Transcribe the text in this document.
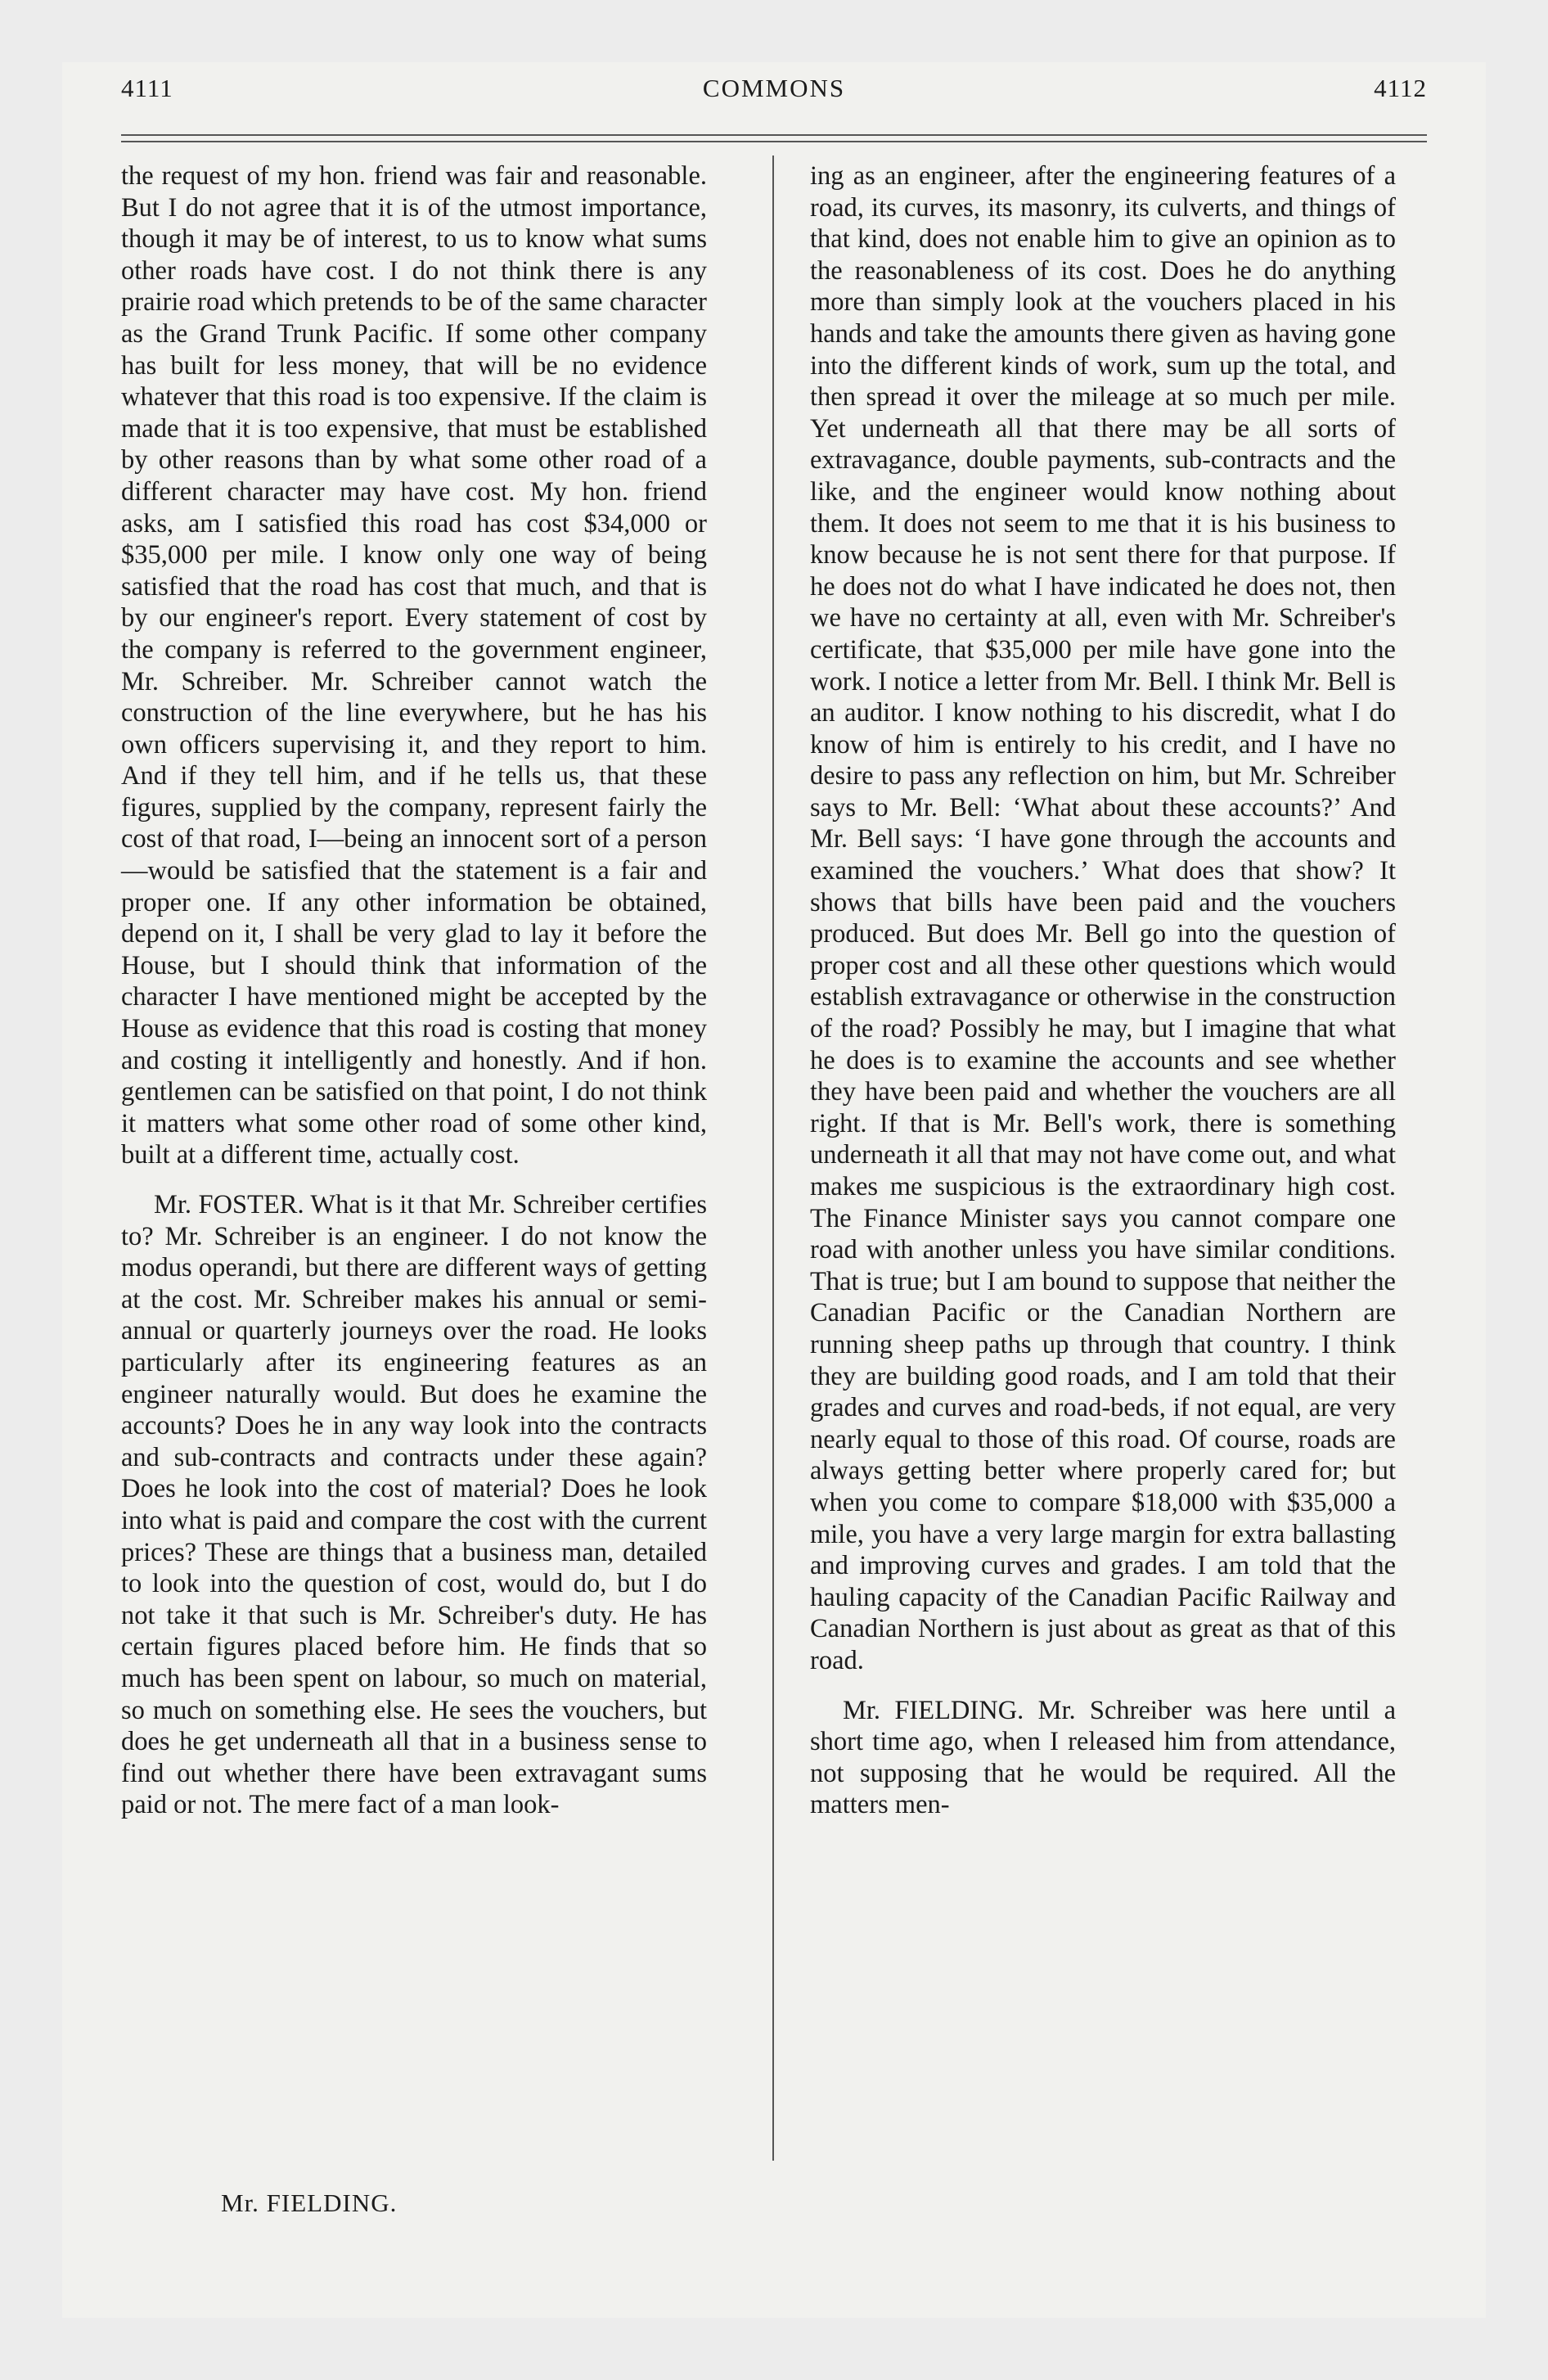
4111	COMMONS	4112

the request of my hon. friend was fair and reasonable. But I do not agree that it is of the utmost importance, though it may be of interest, to us to know what sums other roads have cost. I do not think there is any prairie road which pretends to be of the same character as the Grand Trunk Pacific. If some other company has built for less money, that will be no evidence whatever that this road is too expensive. If the claim is made that it is too expensive, that must be established by other reasons than by what some other road of a different character may have cost. My hon. friend asks, am I satisfied this road has cost $34,000 or $35,000 per mile. I know only one way of being satisfied that the road has cost that much, and that is by our engineer's report. Every statement of cost by the company is referred to the government engineer, Mr. Schreiber. Mr. Schreiber cannot watch the construction of the line everywhere, but he has his own officers supervising it, and they report to him. And if they tell him, and if he tells us, that these figures, supplied by the company, represent fairly the cost of that road, I—being an innocent sort of a person—would be satisfied that the statement is a fair and proper one. If any other information be obtained, depend on it, I shall be very glad to lay it before the House, but I should think that information of the character I have mentioned might be accepted by the House as evidence that this road is costing that money and costing it intelligently and honestly. And if hon. gentlemen can be satisfied on that point, I do not think it matters what some other road of some other kind, built at a different time, actually cost.

Mr. FOSTER. What is it that Mr. Schreiber certifies to? Mr. Schreiber is an engineer. I do not know the modus operandi, but there are different ways of getting at the cost. Mr. Schreiber makes his annual or semi-annual or quarterly journeys over the road. He looks particularly after its engineering features as an engineer naturally would. But does he examine the accounts? Does he in any way look into the contracts and sub-contracts and contracts under these again? Does he look into the cost of material? Does he look into what is paid and compare the cost with the current prices? These are things that a business man, detailed to look into the question of cost, would do, but I do not take it that such is Mr. Schreiber's duty. He has certain figures placed before him. He finds that so much has been spent on labour, so much on material, so much on something else. He sees the vouchers, but does he get underneath all that in a business sense to find out whether there have been extravagant sums paid or not. The mere fact of a man look-

ing as an engineer, after the engineering features of a road, its curves, its masonry, its culverts, and things of that kind, does not enable him to give an opinion as to the reasonableness of its cost. Does he do anything more than simply look at the vouchers placed in his hands and take the amounts there given as having gone into the different kinds of work, sum up the total, and then spread it over the mileage at so much per mile. Yet underneath all that there may be all sorts of extravagance, double payments, sub-contracts and the like, and the engineer would know nothing about them. It does not seem to me that it is his business to know because he is not sent there for that purpose. If he does not do what I have indicated he does not, then we have no certainty at all, even with Mr. Schreiber's certificate, that $35,000 per mile have gone into the work. I notice a letter from Mr. Bell. I think Mr. Bell is an auditor. I know nothing to his discredit, what I do know of him is entirely to his credit, and I have no desire to pass any reflection on him, but Mr. Schreiber says to Mr. Bell: ‘What about these accounts?’ And Mr. Bell says: ‘I have gone through the accounts and examined the vouchers.’ What does that show? It shows that bills have been paid and the vouchers produced. But does Mr. Bell go into the question of proper cost and all these other questions which would establish extravagance or otherwise in the construction of the road? Possibly he may, but I imagine that what he does is to examine the accounts and see whether they have been paid and whether the vouchers are all right. If that is Mr. Bell's work, there is something underneath it all that may not have come out, and what makes me suspicious is the extraordinary high cost. The Finance Minister says you cannot compare one road with another unless you have similar conditions. That is true; but I am bound to suppose that neither the Canadian Pacific or the Canadian Northern are running sheep paths up through that country. I think they are building good roads, and I am told that their grades and curves and road-beds, if not equal, are very nearly equal to those of this road. Of course, roads are always getting better where properly cared for; but when you come to compare $18,000 with $35,000 a mile, you have a very large margin for extra ballasting and improving curves and grades. I am told that the hauling capacity of the Canadian Pacific Railway and Canadian Northern is just about as great as that of this road.

Mr. FIELDING. Mr. Schreiber was here until a short time ago, when I released him from attendance, not supposing that he would be required. All the matters men-

Mr. FIELDING.
